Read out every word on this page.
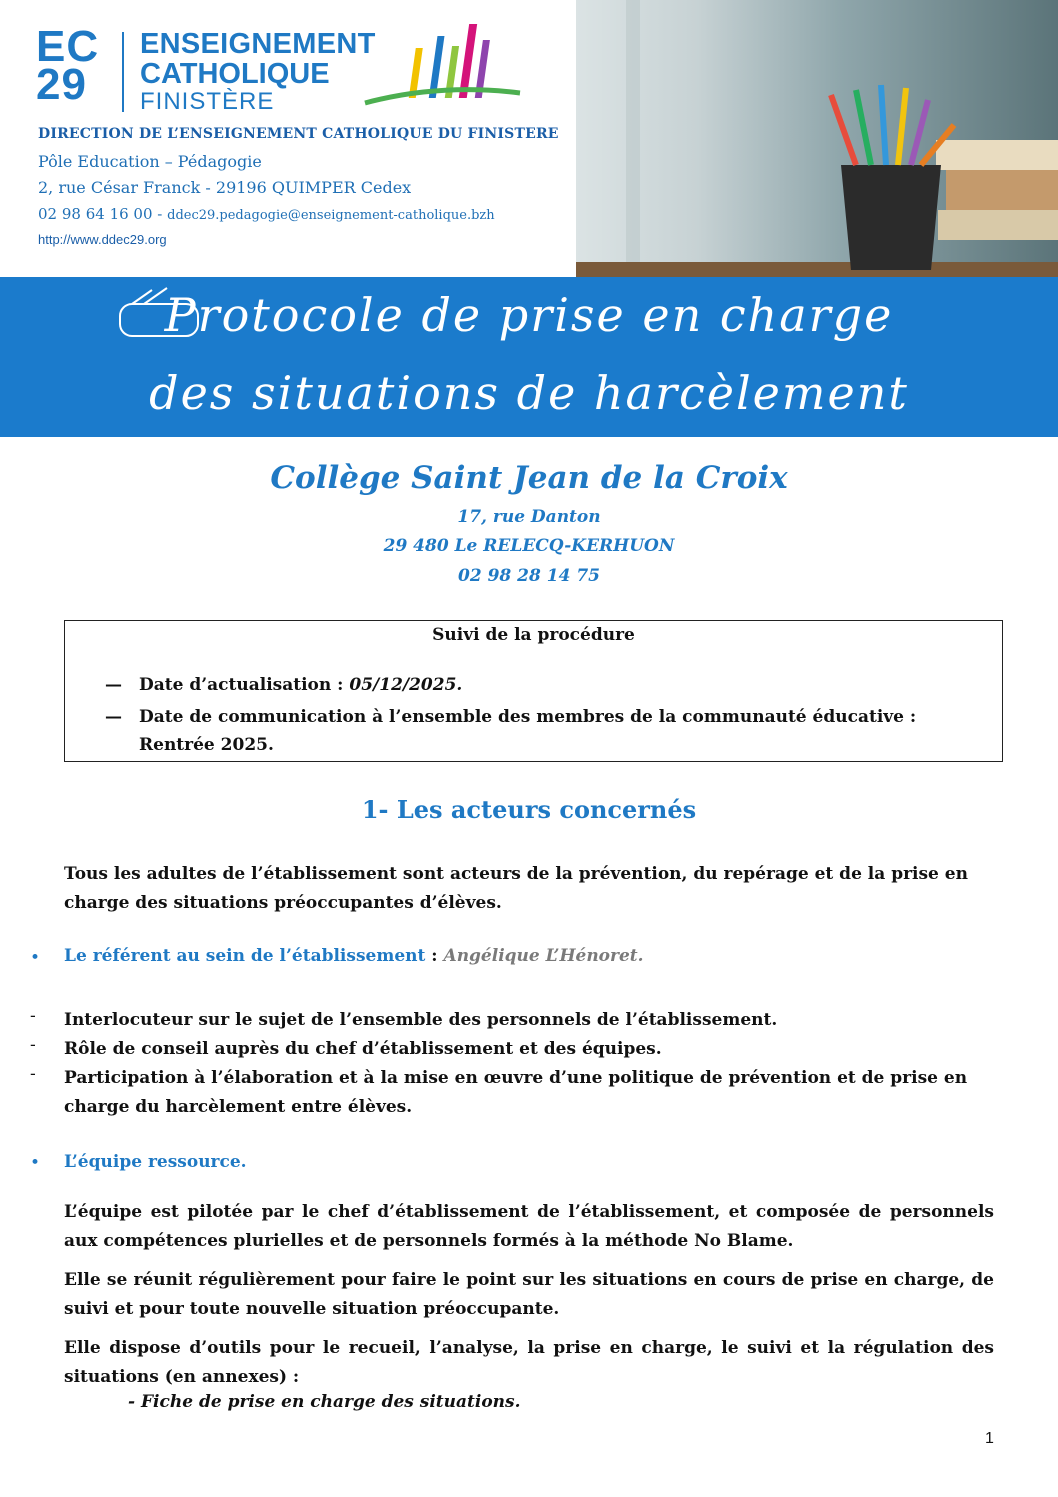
EC
29
ENSEIGNEMENT
CATHOLIQUE
FINISTÈRE
DIRECTION DE L’ENSEIGNEMENT CATHOLIQUE DU FINISTERE
Pôle Education – Pédagogie
2, rue César Franck - 29196 QUIMPER Cedex
02 98 64 16 00 - ddec29.pedagogie@enseignement-catholique.bzh
http://www.ddec29.org
Protocole de prise en charge
des situations de harcèlement
Collège Saint Jean de la Croix
17, rue Danton
29 480 Le RELECQ-KERHUON
02 98 28 14 75
Suivi de la procédure
— Date d’actualisation : 05/12/2025.
— Date de communication à l’ensemble des membres de la communauté éducative :
Rentrée 2025.
1- Les acteurs concernés
Tous les adultes de l’établissement sont acteurs de la prévention, du repérage et de la prise en charge des situations préoccupantes d’élèves.
• Le référent au sein de l’établissement : Angélique L’Hénoret.
- Interlocuteur sur le sujet de l’ensemble des personnels de l’établissement.
- Rôle de conseil auprès du chef d’établissement et des équipes.
- Participation à l’élaboration et à la mise en œuvre d’une politique de prévention et de prise en charge du harcèlement entre élèves.
• L’équipe ressource.
L’équipe est pilotée par le chef d’établissement de l’établissement, et composée de personnels aux compétences plurielles et de personnels formés à la méthode No Blame.
Elle se réunit régulièrement pour faire le point sur les situations en cours de prise en charge, de suivi et pour toute nouvelle situation préoccupante.
Elle dispose d’outils pour le recueil, l’analyse, la prise en charge, le suivi et la régulation des situations (en annexes) :
- Fiche de prise en charge des situations.
1
